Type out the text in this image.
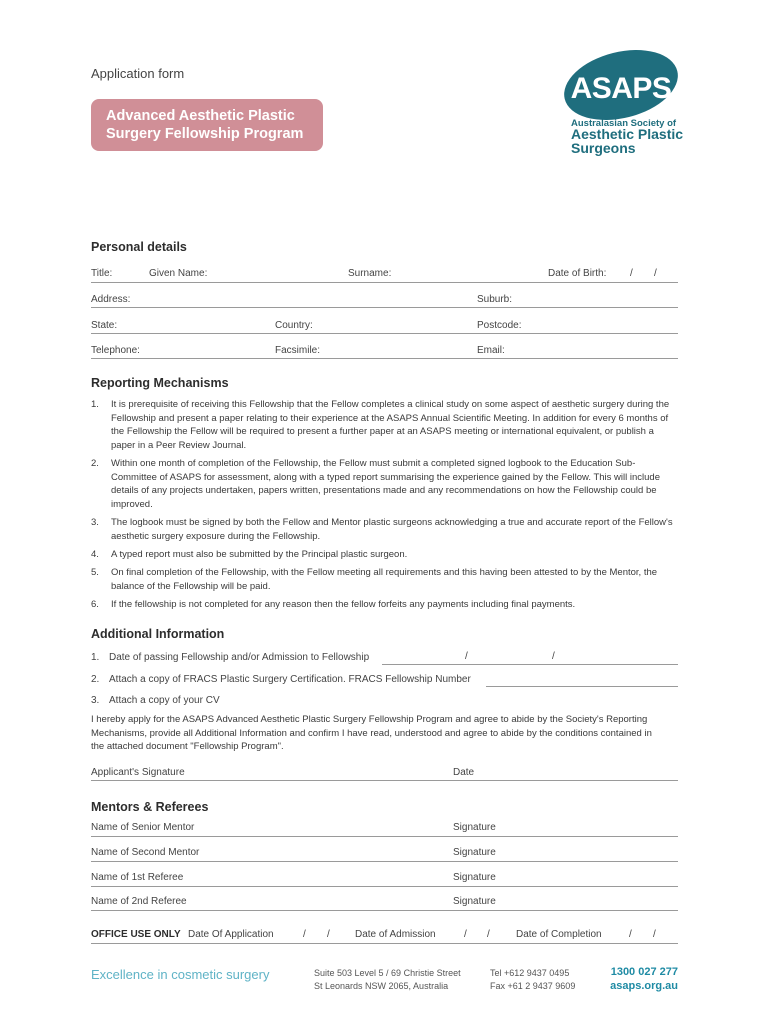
Application form
Advanced Aesthetic Plastic
Surgery Fellowship Program
ASAPS
Australasian Society of
Aesthetic Plastic
Surgeons
Personal details
Title:	Given Name:	Surname:	Date of Birth: / /
Address:	Suburb:
State:	Country:	Postcode:
Telephone:	Facsimile:	Email:
Reporting Mechanisms
1. It is prerequisite of receiving this Fellowship that the Fellow completes a clinical study on some aspect of aesthetic surgery during the Fellowship and present a paper relating to their experience at the ASAPS Annual Scientific Meeting. In addition for every 6 months of the Fellowship the Fellow will be required to present a further paper at an ASAPS meeting or international equivalent, or publish a paper in a Peer Review Journal.
2. Within one month of completion of the Fellowship, the Fellow must submit a completed signed logbook to the Education Sub-Committee of ASAPS for assessment, along with a typed report summarising the experience gained by the Fellow. This will include details of any projects undertaken, papers written, presentations made and any recommendations on how the Fellowship could be improved.
3. The logbook must be signed by both the Fellow and Mentor plastic surgeons acknowledging a true and accurate report of the Fellow's aesthetic surgery exposure during the Fellowship.
4. A typed report must also be submitted by the Principal plastic surgeon.
5. On final completion of the Fellowship, with the Fellow meeting all requirements and this having been attested to by the Mentor, the balance of the Fellowship will be paid.
6. If the fellowship is not completed for any reason then the fellow forfeits any payments including final payments.
Additional Information
1. Date of passing Fellowship and/or Admission to Fellowship	/	/
2. Attach a copy of FRACS Plastic Surgery Certification. FRACS Fellowship Number
3. Attach a copy of your CV
I hereby apply for the ASAPS Advanced Aesthetic Plastic Surgery Fellowship Program and agree to abide by the Society's Reporting Mechanisms, provide all Additional Information and confirm I have read, understood and agree to abide by the conditions contained in the attached document "Fellowship Program".
Applicant's Signature	Date
Mentors & Referees
Name of Senior Mentor	Signature
Name of Second Mentor	Signature
Name of 1st Referee	Signature
Name of 2nd Referee	Signature
OFFICE USE ONLY Date Of Application	/ /	Date of Admission	/ /	Date of Completion	/ /
Excellence in cosmetic surgery	Suite 503 Level 5 / 69 Christie Street
St Leonards NSW 2065, Australia
Tel +612 9437 0495
Fax +61 2 9437 9609
1300 027 277
asaps.org.au
